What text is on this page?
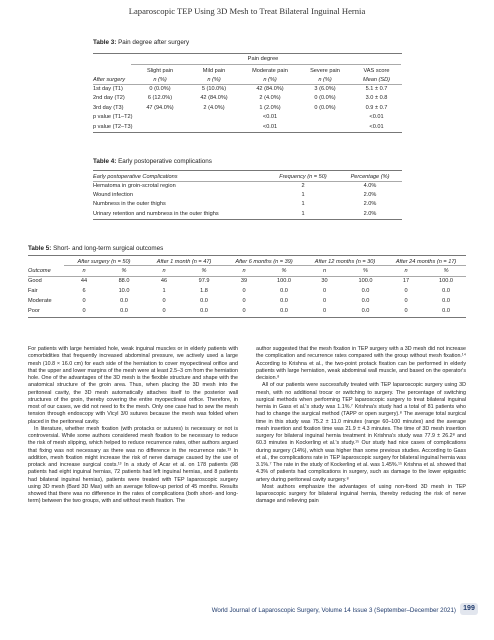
Laparoscopic TEP Using 3D Mesh to Treat Bilateral Inguinal Hernia
Table 3: Pain degree after surgery
Pain degree
	Slight pain	Mild pain	Moderate pain	Severe pain	VAS score
After surgery	n (%)	n (%)	n (%)	n (%)	Mean (SD)
1st day (T1)	0 (0.0%)	5 (10.0%)	42 (84.0%)	3 (6.0%)	5.1 ± 0.7
2nd day (T2)	6 (12.0%)	42 (84.0%)	2 (4.0%)	0 (0.0%)	3.0 ± 0.8
3rd day (T3)	47 (94.0%)	2 (4.0%)	1 (2.0%)	0 (0.0%)	0.9 ± 0.7
p value (T1–T2)			<0.01		<0.01
p value (T2–T3)			<0.01		<0.01
Table 4: Early postoperative complications
Early postoperative Complications	Frequency (n = 50)	Percentage (%)
Hematoma in groin-scrotal region	2	4.0%
Wound infection	1	2.0%
Numbness in the outer thighs	1	2.0%
Urinary retention and numbness in the outer thighs	1	2.0%
Table 5: Short- and long-term surgical outcomes
	After surgery (n = 50)		After 1 month (n = 47)		After 6 months (n = 39)		After 12 months (n = 30)		After 24 months (n = 17)	
Outcome	n	%	n	%	n	%	n	%	n	%
Good	44	88.0	46	97.9	39	100.0	30	100.0	17	100.0
Fair	6	10.0	1	1.8	0	0.0	0	0.0	0	0.0
Moderate	0	0.0	0	0.0	0	0.0	0	0.0	0	0.0
Poor	0	0.0	0	0.0	0	0.0	0	0.0	0	0.0

For patients with large herniated hole, weak inguinal muscles or in elderly patients with comorbidities that frequently increased abdominal pressure, we actively used a large mesh (10.8 × 16.0 cm) for each side of the herniation to cover myopectineal orifice and that the upper and lower margins of the mesh were at least 2.5–3 cm from the herniation hole. One of the advantages of the 3D mesh is the flexible structure and shape with the anatomical structure of the groin area. Thus, when placing the 3D mesh into the peritoneal cavity, the 3D mesh automatically attaches itself to the posterior wall structures of the groin, thereby covering the entire myopectineal orifice. Therefore, in most of our cases, we did not need to fix the mesh. Only one case had to sew the mesh tension through endoscopy with Vicyl 3/0 sutures because the mesh was folded when placed in the peritoneal cavity.

In literature, whether mesh fixation (with protacks or sutures) is necessary or not is controversial. While some authors considered mesh fixation to be necessary to reduce the risk of mesh slipping, which helped to reduce recurrence rates, other authors argued that fixing was not necessary as there was no difference in the recurrence rate.¹³ In addition, mesh fixation might increase the risk of nerve damage caused by the use of protack and increase surgical costs.¹³ In a study of Acar et al. on 178 patients (98 patients had eight inguinal hernias, 72 patients had left inguinal hernias, and 8 patients had bilateral inguinal hernias), patients were treated with TEP laparoscopic surgery using 3D mesh (Bard 3D Max) with an average follow-up period of 45 months. Results showed that there was no difference in the rates of complications (both short- and long-term) between the two groups, with and without mesh fixation. The

author suggested that the mesh fixation in TEP surgery with a 3D mesh did not increase the complication and recurrence rates compared with the group without mesh fixation.¹⁴ According to Krishna et al., the two-point protack fixation can be performed in elderly patients with large herniation, weak abdominal wall muscle, and based on the operator's decision.⁸

All of our patients were successfully treated with TEP laparoscopic surgery using 3D mesh, with no additional trocar or switching to surgery. The percentage of switching surgical methods when performing TEP laparoscopic surgery to treat bilateral inguinal hernia in Gass et al.'s study was 1.1%.⁷ Krishna's study had a total of 81 patients who had to change the surgical method (TAPP or open surgery).⁸ The average total surgical time in this study was 75.2 ± 11.0 minutes (range 60–100 minutes) and the average mesh insertion and fixation time was 21.9 ± 4.3 minutes. The time of 3D mesh insertion surgery for bilateral inguinal hernia treatment in Krishna's study was 77.9 ± 26.2⁸ and 60.3 minutes in Kockerling et al.'s study.¹⁵ Our study had nice cases of complications during surgery (14%), which was higher than some previous studies. According to Gass et al., the complications rate in TEP laparoscopic surgery for bilateral inguinal hernia was 3.1%.⁷ The rate in the study of Kockerling et al. was 1.45%.¹⁵ Krishna et al. showed that 4.3% of patients had complications in surgery, such as damage to the lower epigastric artery during peritoneal cavity surgery.⁸

Most authors emphasize the advantages of using non-fixed 3D mesh in TEP laparoscopic surgery for bilateral inguinal hernia, thereby reducing the risk of nerve damage and relieving pain

World Journal of Laparoscopic Surgery, Volume 14 Issue 3 (September–December 2021)	199
